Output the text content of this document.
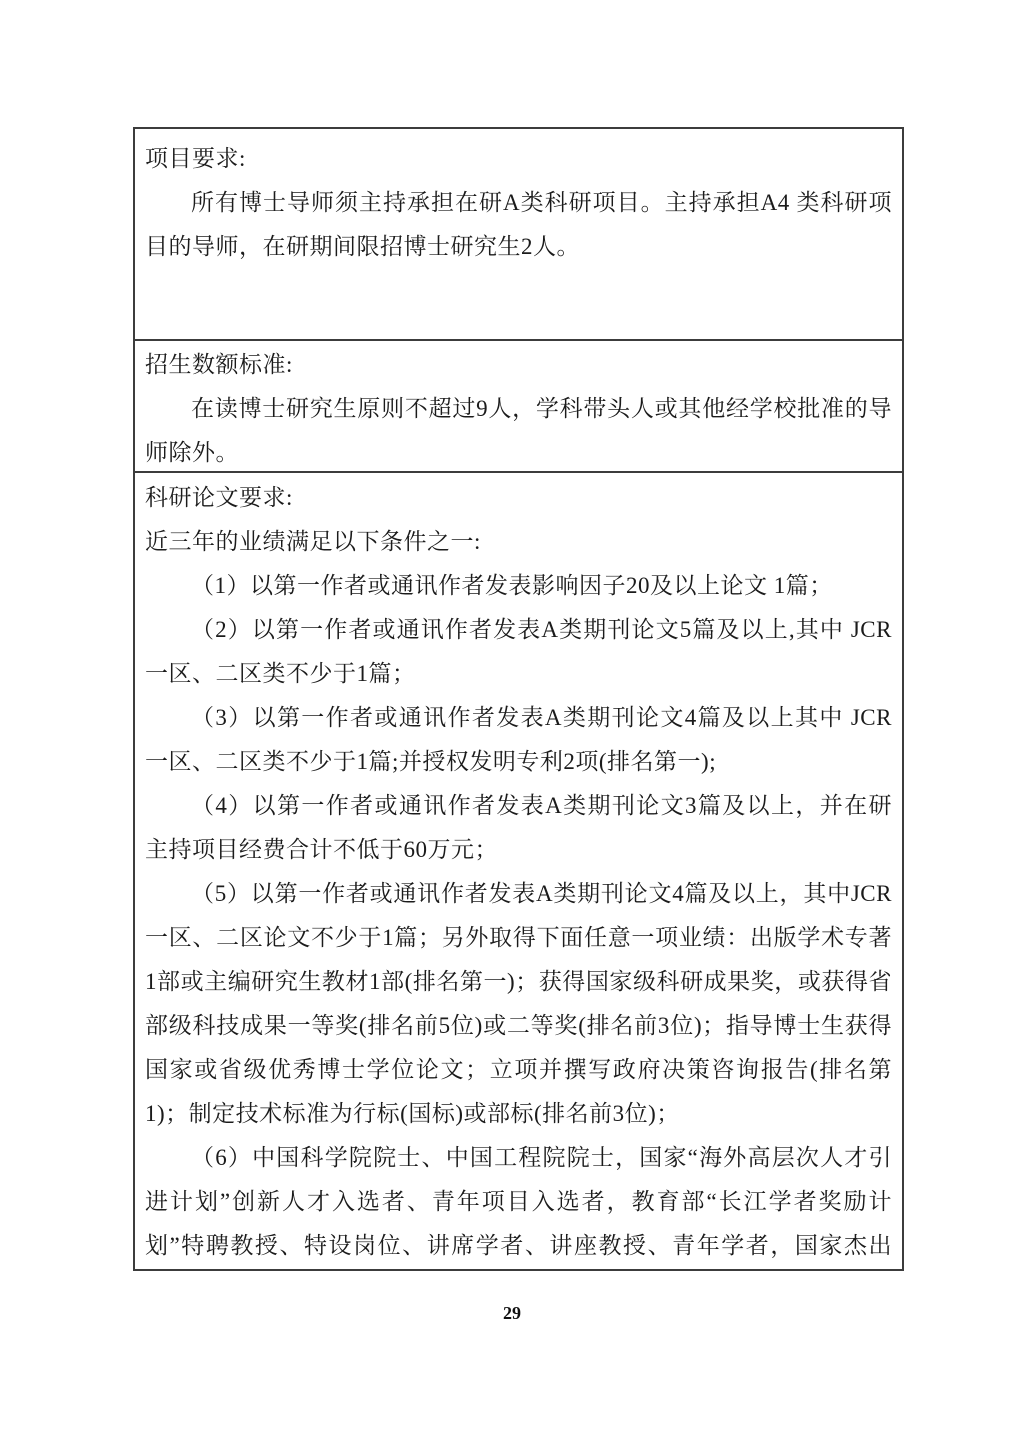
项目要求:
所有博士导师须主持承担在研A类科研项目。主持承担A4 类科研项
目的导师，在研期间限招博士研究生2人。
招生数额标准:
在读博士研究生原则不超过9人，学科带头人或其他经学校批准的导
师除外。
科研论文要求:
近三年的业绩满足以下条件之一:
（1）以第一作者或通讯作者发表影响因子20及以上论文 1篇；
（2）以第一作者或通讯作者发表A类期刊论文5篇及以上,其中 JCR
一区、二区类不少于1篇；
（3）以第一作者或通讯作者发表A类期刊论文4篇及以上其中 JCR
一区、二区类不少于1篇;并授权发明专利2项(排名第一);
（4）以第一作者或通讯作者发表A类期刊论文3篇及以上，并在研
主持项目经费合计不低于60万元；
（5）以第一作者或通讯作者发表A类期刊论文4篇及以上，其中JCR
一区、二区论文不少于1篇；另外取得下面任意一项业绩：出版学术专著
1部或主编研究生教材1部(排名第一)；获得国家级科研成果奖，或获得省
部级科技成果一等奖(排名前5位)或二等奖(排名前3位)；指导博士生获得
国家或省级优秀博士学位论文；立项并撰写政府决策咨询报告(排名第
1)；制定技术标准为行标(国标)或部标(排名前3位)；
（6）中国科学院院士、中国工程院院士，国家“海外高层次人才引
进计划”创新人才入选者、青年项目入选者，教育部“长江学者奖励计
划”特聘教授、特设岗位、讲席学者、讲座教授、青年学者，国家杰出
29
